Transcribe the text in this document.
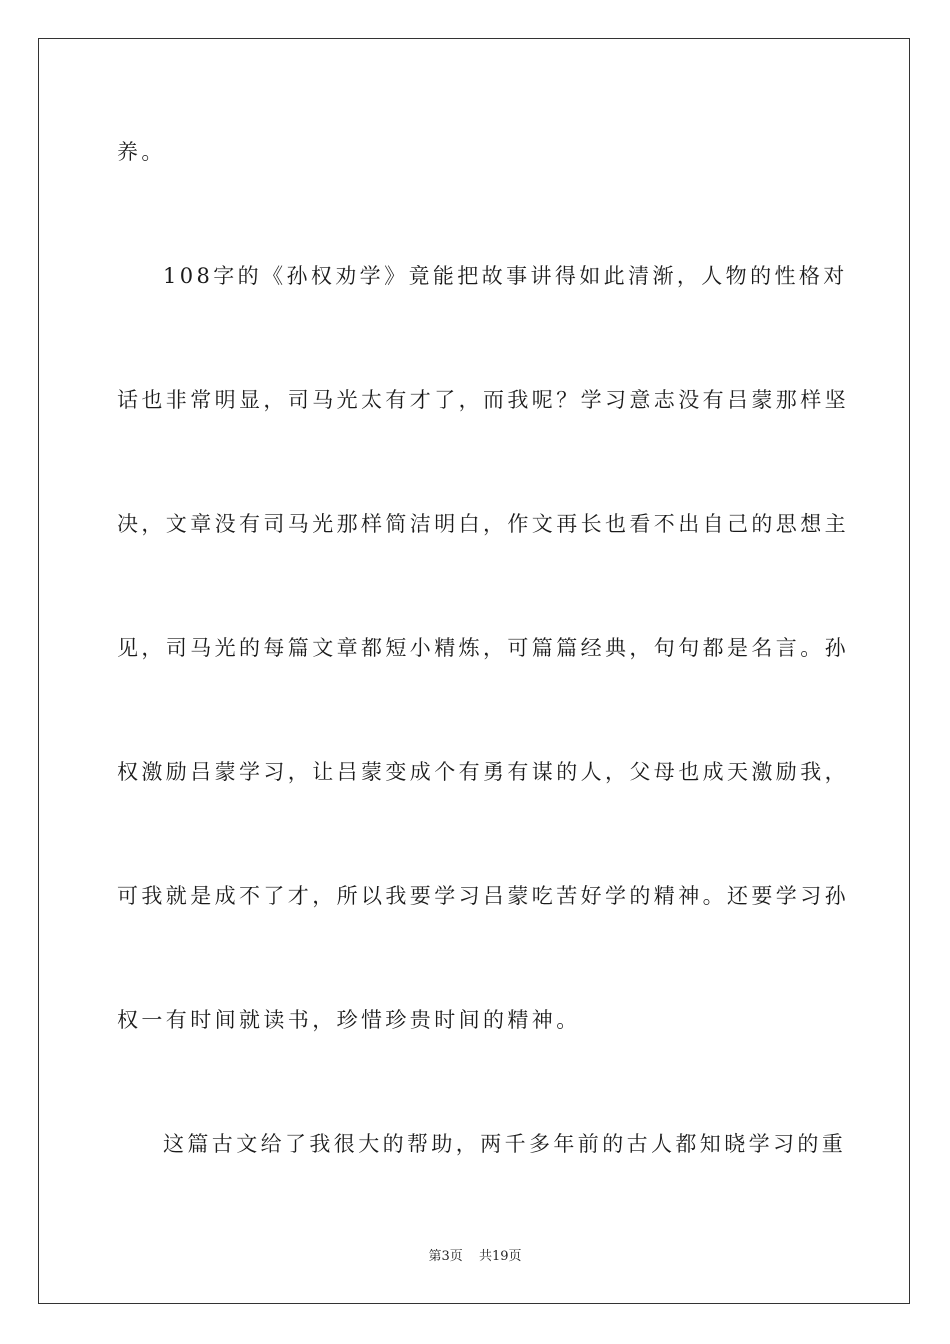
养。
108字的《孙权劝学》竟能把故事讲得如此清渐，人物的性格对
话也非常明显，司马光太有才了，而我呢？学习意志没有吕蒙那样坚
决，文章没有司马光那样简洁明白，作文再长也看不出自己的思想主
见，司马光的每篇文章都短小精炼，可篇篇经典，句句都是名言。孙
权激励吕蒙学习，让吕蒙变成个有勇有谋的人，父母也成天激励我，
可我就是成不了才，所以我要学习吕蒙吃苦好学的精神。还要学习孙
权一有时间就读书，珍惜珍贵时间的精神。
这篇古文给了我很大的帮助，两千多年前的古人都知晓学习的重
第3页 共19页
